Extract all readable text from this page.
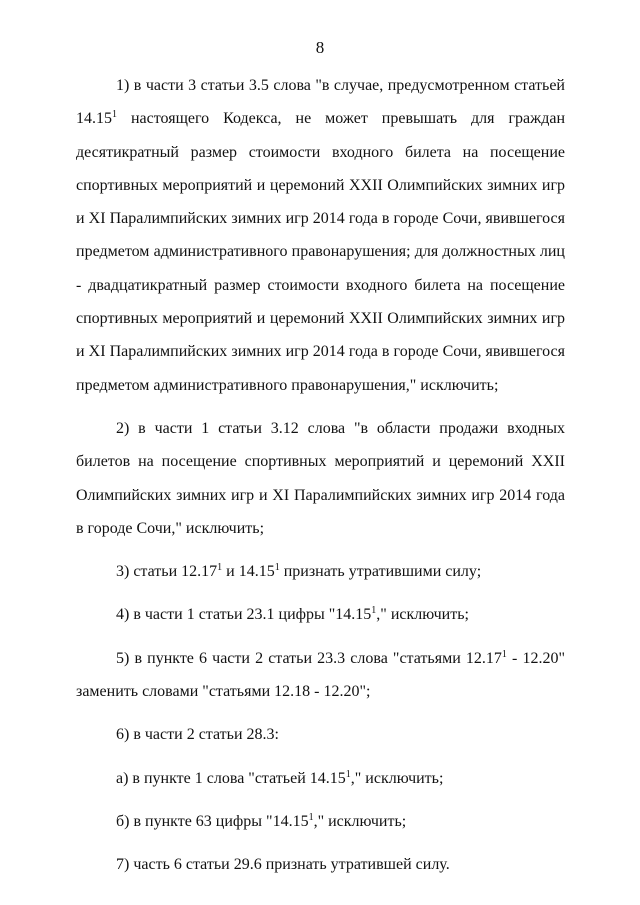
8

1) в части 3 статьи 3.5 слова "в случае, предусмотренном статьей 14.15$^1$ настоящего Кодекса, не может превышать для граждан десятикратный размер стоимости входного билета на посещение спортивных мероприятий и церемоний XXII Олимпийских зимних игр и XI Паралимпийских зимних игр 2014 года в городе Сочи, явившегося предметом административного правонарушения; для должностных лиц - двадцатикратный размер стоимости входного билета на посещение спортивных мероприятий и церемоний XXII Олимпийских зимних игр и XI Паралимпийских зимних игр 2014 года в городе Сочи, явившегося предметом административного правонарушения," исключить;

2) в части 1 статьи 3.12 слова "в области продажи входных билетов на посещение спортивных мероприятий и церемоний XXII Олимпийских зимних игр и XI Паралимпийских зимних игр 2014 года в городе Сочи," исключить;

3) статьи 12.17$^1$ и 14.15$^1$ признать утратившими силу;

4) в части 1 статьи 23.1 цифры "14.15$^1$," исключить;

5) в пункте 6 части 2 статьи 23.3 слова "статьями 12.17$^1$ - 12.20" заменить словами "статьями 12.18 - 12.20";

6) в части 2 статьи 28.3:

а) в пункте 1 слова "статьей 14.15$^1$," исключить;

б) в пункте 63 цифры "14.15$^1$," исключить;

7) часть 6 статьи 29.6 признать утратившей силу.
